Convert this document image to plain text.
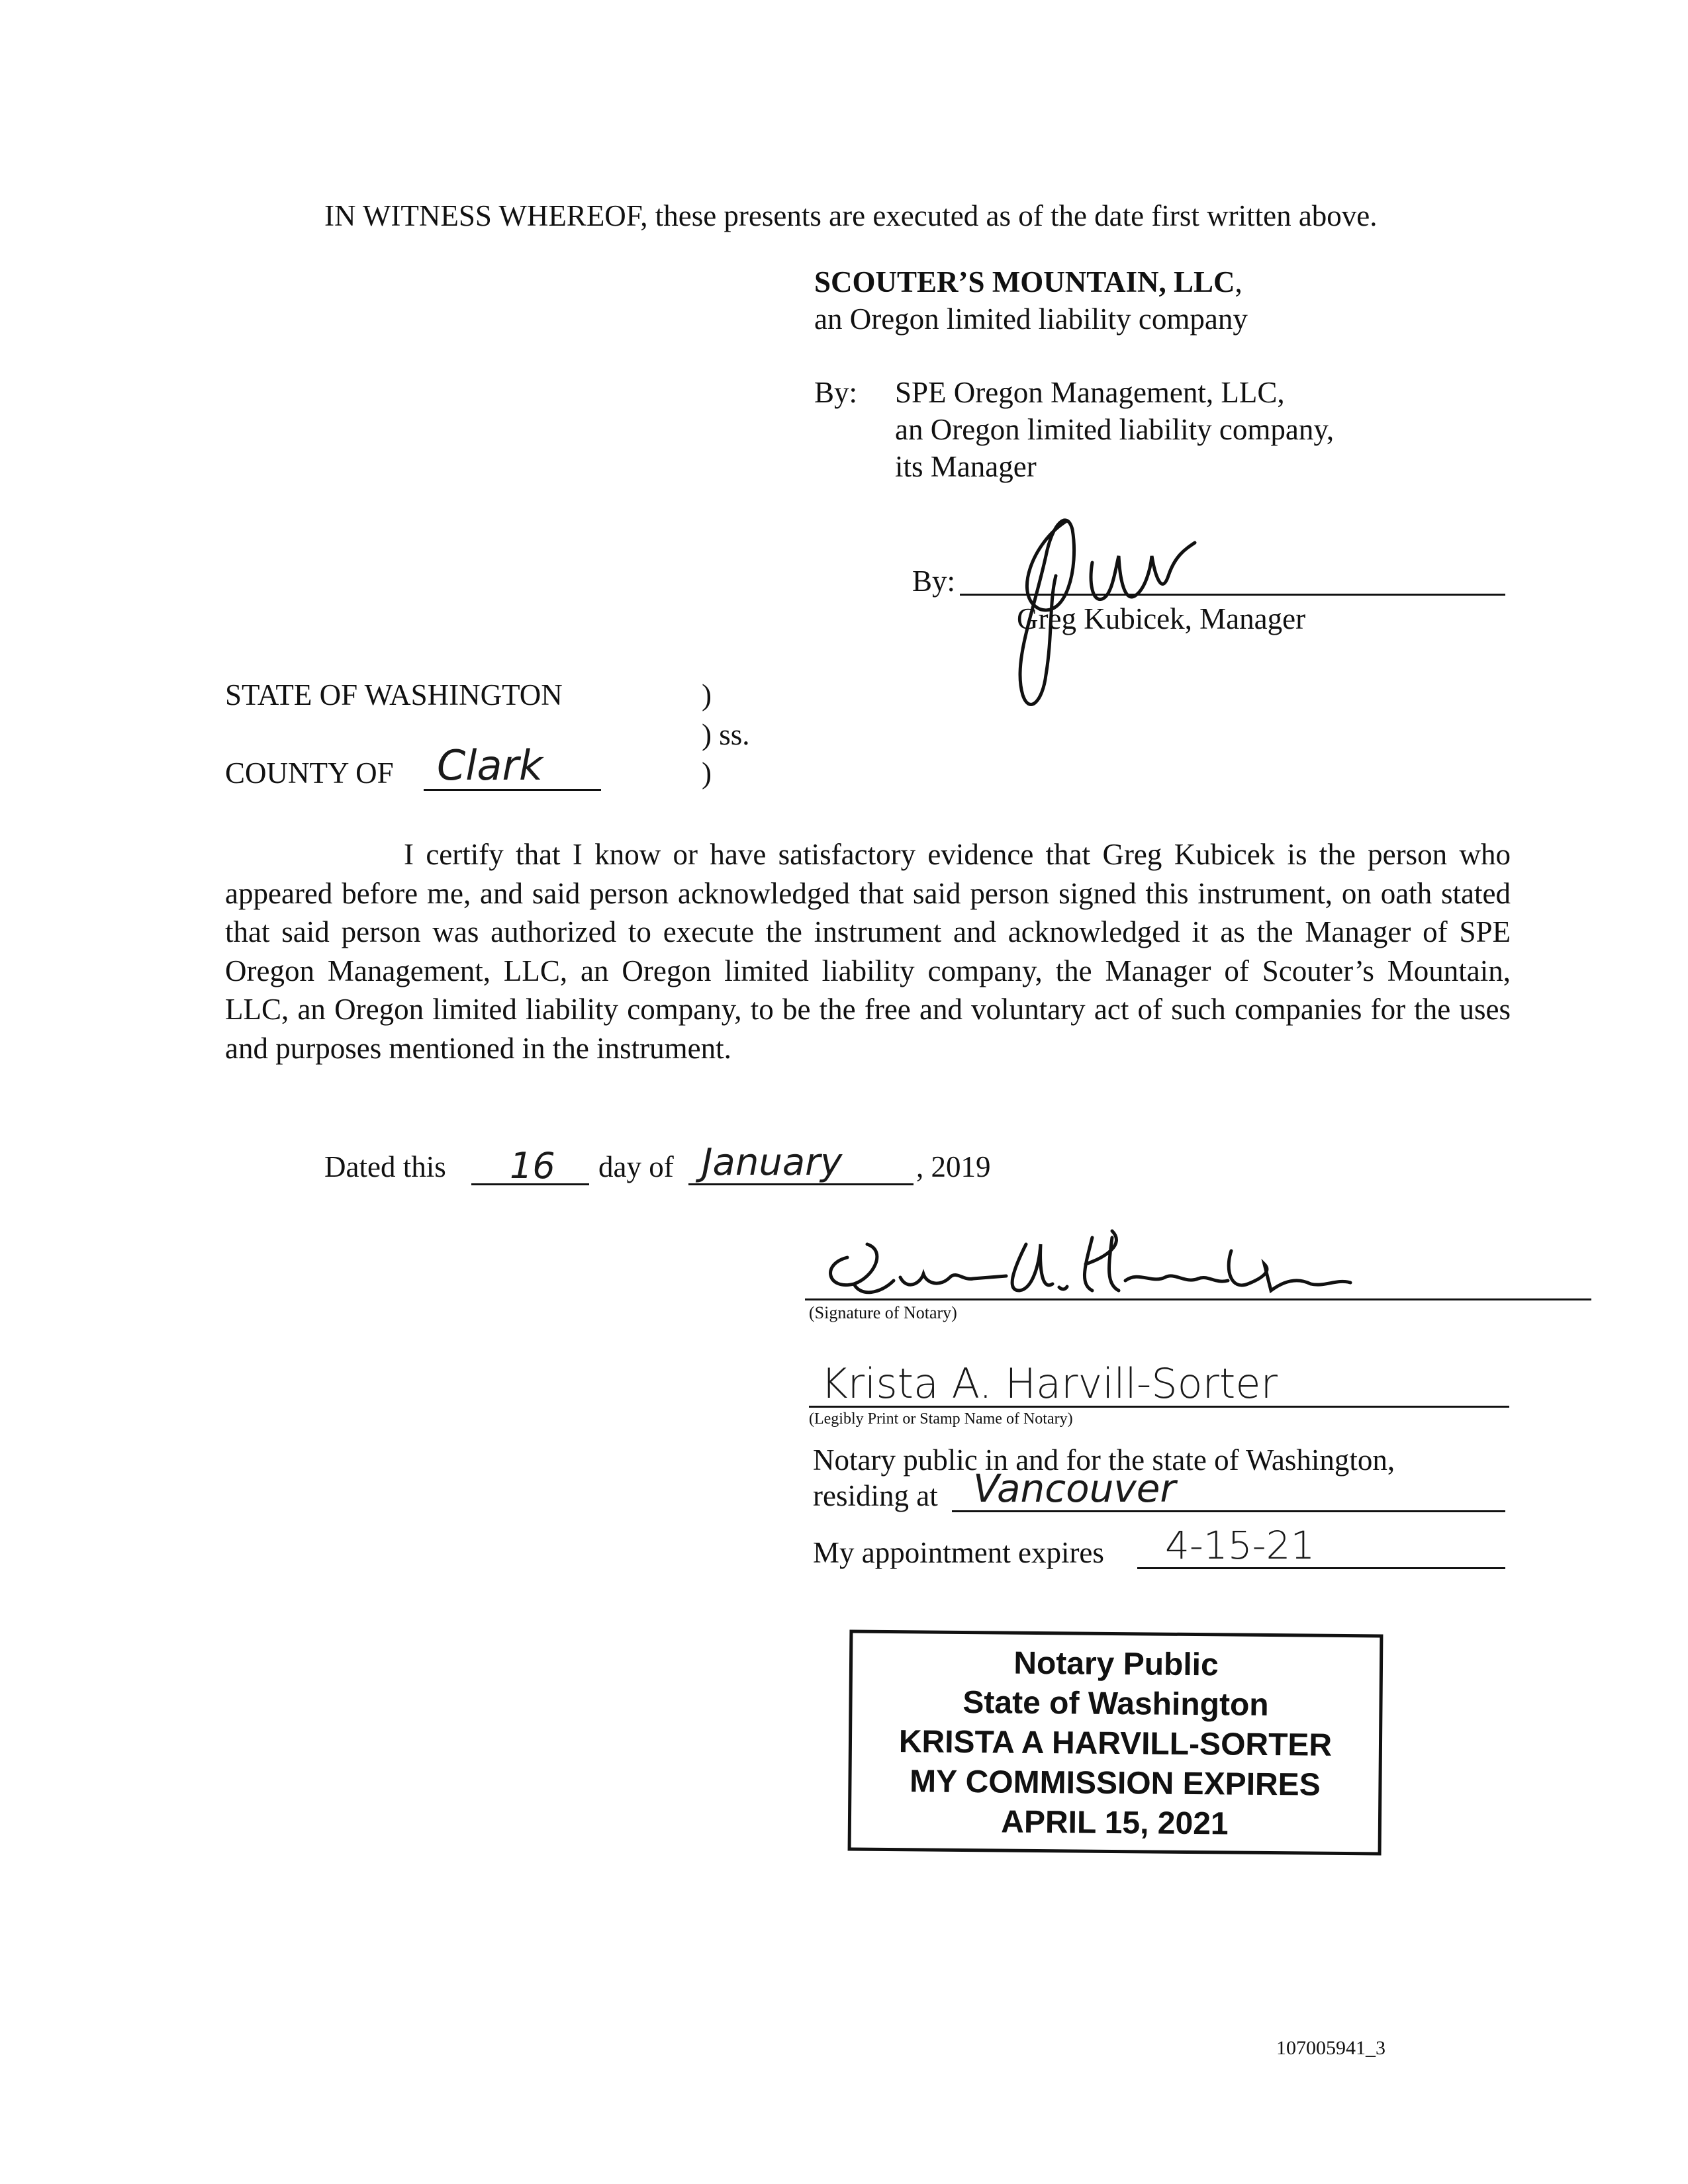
IN WITNESS WHEREOF, these presents are executed as of the date first written above.
SCOUTER’S MOUNTAIN, LLC,
an Oregon limited liability company
By: SPE Oregon Management, LLC,
an Oregon limited liability company,
its Manager
By:
Greg Kubicek, Manager
STATE OF WASHINGTON	)
) ss.
)
COUNTY OF Clark
I certify that I know or have satisfactory evidence that Greg Kubicek is the person who appeared before me, and said person acknowledged that said person signed this instrument, on oath stated that said person was authorized to execute the instrument and acknowledged it as the Manager of SPE Oregon Management, LLC, an Oregon limited liability company, the Manager of Scouter’s Mountain, LLC, an Oregon limited liability company, to be the free and voluntary act of such companies for the uses and purposes mentioned in the instrument.
Dated this 16 day of January , 2019
(Signature of Notary)
Krista A. Harvill-Sorter
(Legibly Print or Stamp Name of Notary)
Notary public in and for the state of Washington,
residing at Vancouver
My appointment expires 4-15-21
Notary Public
State of Washington
KRISTA A HARVILL-SORTER
MY COMMISSION EXPIRES
APRIL 15, 2021
107005941_3
